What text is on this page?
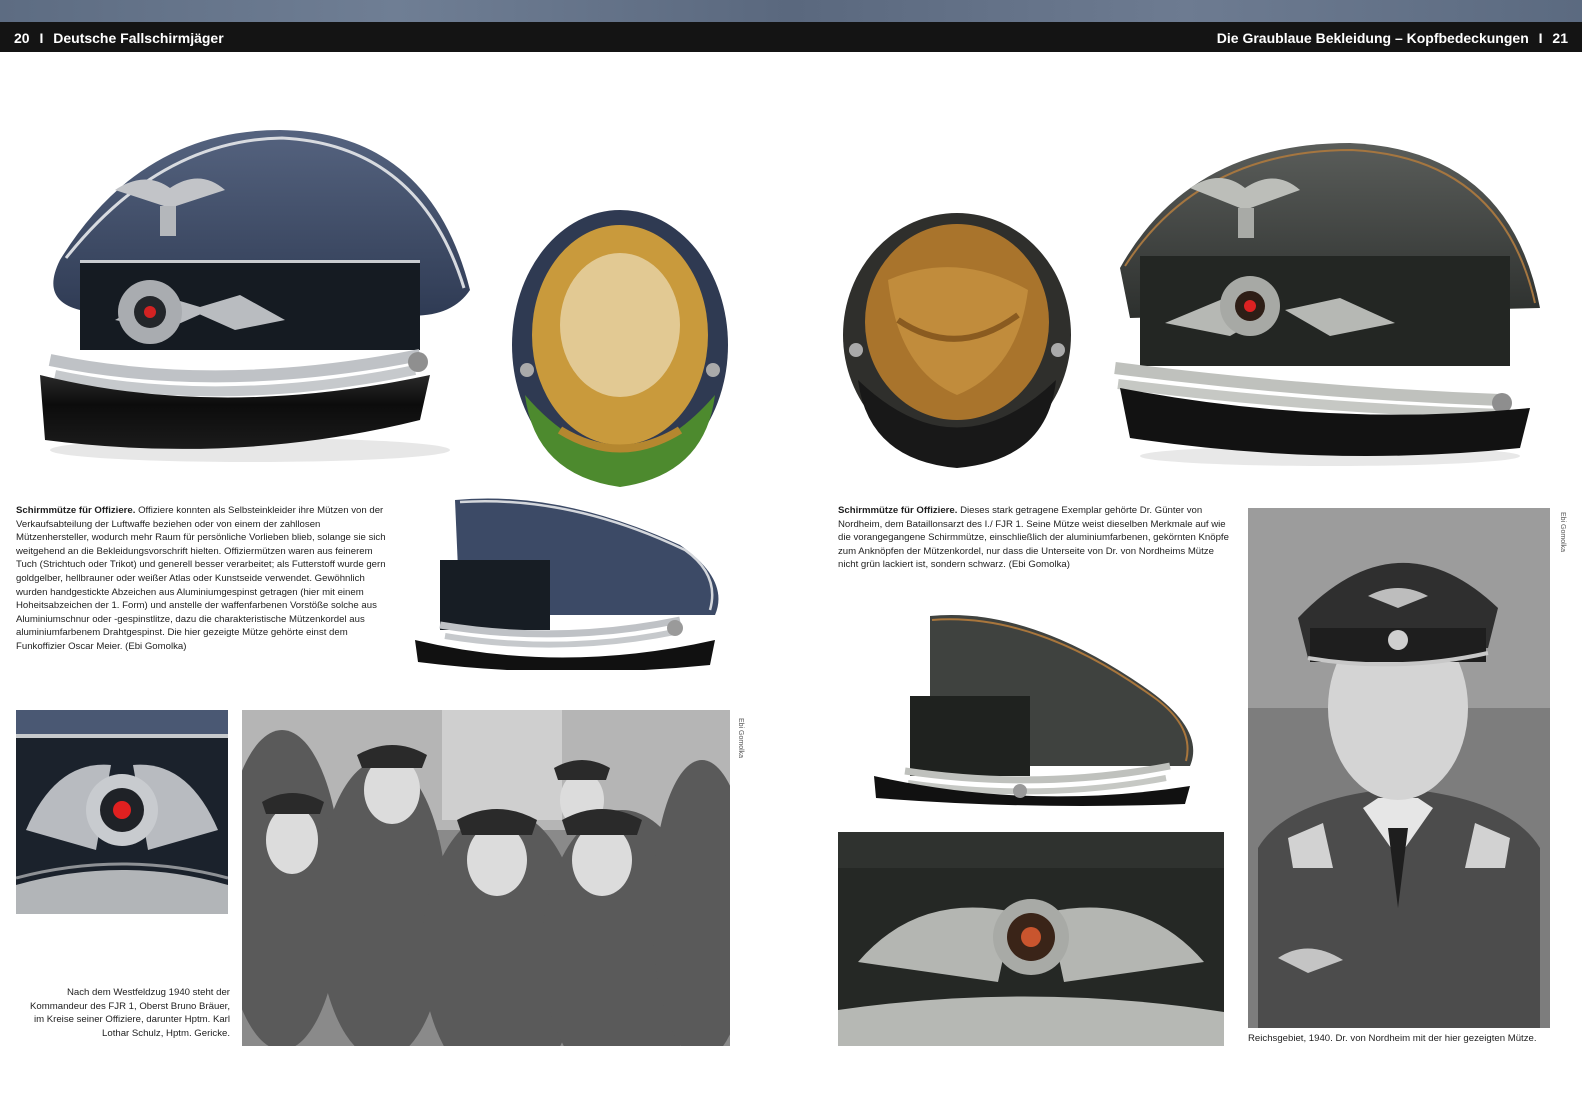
20 I Deutsche Fallschirmjäger	Die Graublaue Bekleidung – Kopfbedeckungen I 21
Schirmmütze für Offiziere. Offiziere konnten als Selbsteinkleider ihre Mützen von der Verkaufsabteilung der Luftwaffe beziehen oder von einem der zahllosen Mützenhersteller, wodurch mehr Raum für persönliche Vorlieben blieb, solange sie sich weitgehend an die Bekleidungsvorschrift hielten. Offiziermützen waren aus feinerem Tuch (Strichtuch oder Trikot) und generell besser verarbeitet; als Futterstoff wurde gern goldgelber, hellbrauner oder weißer Atlas oder Kunstseide verwendet. Gewöhnlich wurden handgestickte Abzeichen aus Aluminiumgespinst getragen (hier mit einem Hoheitsabzeichen der 1. Form) und anstelle der waffenfarbenen Vorstöße solche aus Aluminiumschnur oder -gespinstlitze, dazu die charakteristische Mützenkordel aus aluminiumfarbenem Drahtgespinst. Die hier gezeigte Mütze gehörte einst dem Funkoffizier Oscar Meier. (Ebi Gomolka)
Ebi Gomolka
Nach dem Westfeldzug 1940 steht der Kommandeur des FJR 1, Oberst Bruno Bräuer, im Kreise seiner Offiziere, darunter Hptm. Karl Lothar Schulz, Hptm. Gericke.
Schirmmütze für Offiziere. Dieses stark getragene Exemplar gehörte Dr. Günter von Nordheim, dem Bataillonsarzt des I./ FJR 1. Seine Mütze weist dieselben Merkmale auf wie die vorangegangene Schirmmütze, einschließlich der aluminiumfarbenen, gekörnten Knöpfe zum Anknöpfen der Mützenkordel, nur dass die Unterseite von Dr. von Nordheims Mütze nicht grün lackiert ist, sondern schwarz. (Ebi Gomolka)
Ebi Gomolka
Reichsgebiet, 1940. Dr. von Nordheim mit der hier gezeigten Mütze.
